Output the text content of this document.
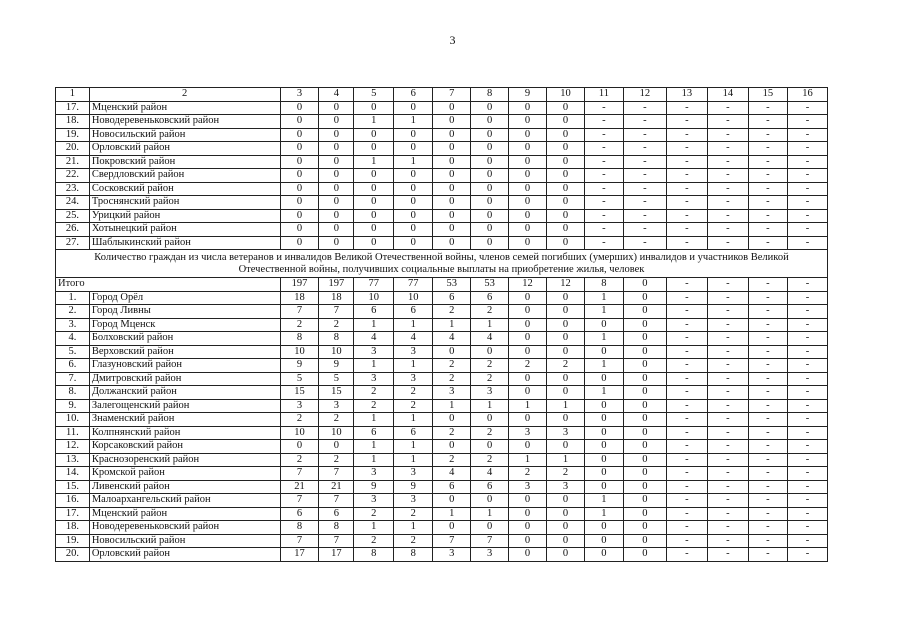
3
1	2	3	4	5	6	7	8	9	10	11	12	13	14	15	16
17.	Мценский район	0	0	0	0	0	0	0	0	-	-	-	-	-	-
18.	Новодеревеньковский район	0	0	1	1	0	0	0	0	-	-	-	-	-	-
19.	Новосильский район	0	0	0	0	0	0	0	0	-	-	-	-	-	-
20.	Орловский район	0	0	0	0	0	0	0	0	-	-	-	-	-	-
21.	Покровский район	0	0	1	1	0	0	0	0	-	-	-	-	-	-
22.	Свердловский район	0	0	0	0	0	0	0	0	-	-	-	-	-	-
23.	Сосковский район	0	0	0	0	0	0	0	0	-	-	-	-	-	-
24.	Троснянский район	0	0	0	0	0	0	0	0	-	-	-	-	-	-
25.	Урицкий район	0	0	0	0	0	0	0	0	-	-	-	-	-	-
26.	Хотынецкий район	0	0	0	0	0	0	0	0	-	-	-	-	-	-
27.	Шаблыкинский район	0	0	0	0	0	0	0	0	-	-	-	-	-	-
Количество граждан из числа ветеранов и инвалидов Великой Отечественной войны, членов семей погибших (умерших) инвалидов и участников Великой Отечественной войны, получивших социальные выплаты на приобретение жилья, человек															
Итого		197	197	77	77	53	53	12	12	8	0	-	-	-	-
1.	Город Орёл	18	18	10	10	6	6	0	0	1	0	-	-	-	-
2.	Город Ливны	7	7	6	6	2	2	0	0	1	0	-	-	-	-
3.	Город Мценск	2	2	1	1	1	1	0	0	0	0	-	-	-	-
4.	Болховский район	8	8	4	4	4	4	0	0	1	0	-	-	-	-
5.	Верховский район	10	10	3	3	0	0	0	0	0	0	-	-	-	-
6.	Глазуновский район	9	9	1	1	2	2	2	2	1	0	-	-	-	-
7.	Дмитровский район	5	5	3	3	2	2	0	0	0	0	-	-	-	-
8.	Должанский район	15	15	2	2	3	3	0	0	1	0	-	-	-	-
9.	Залегощенский район	3	3	2	2	1	1	1	1	0	0	-	-	-	-
10.	Знаменский район	2	2	1	1	0	0	0	0	0	0	-	-	-	-
11.	Колпнянский район	10	10	6	6	2	2	3	3	0	0	-	-	-	-
12.	Корсаковский район	0	0	1	1	0	0	0	0	0	0	-	-	-	-
13.	Краснозоренский район	2	2	1	1	2	2	1	1	0	0	-	-	-	-
14.	Кромской район	7	7	3	3	4	4	2	2	0	0	-	-	-	-
15.	Ливенский район	21	21	9	9	6	6	3	3	0	0	-	-	-	-
16.	Малоархангельский район	7	7	3	3	0	0	0	0	1	0	-	-	-	-
17.	Мценский район	6	6	2	2	1	1	0	0	1	0	-	-	-	-
18.	Новодеревеньковский район	8	8	1	1	0	0	0	0	0	0	-	-	-	-
19.	Новосильский район	7	7	2	2	7	7	0	0	0	0	-	-	-	-
20.	Орловский район	17	17	8	8	3	3	0	0	0	0	-	-	-	-
